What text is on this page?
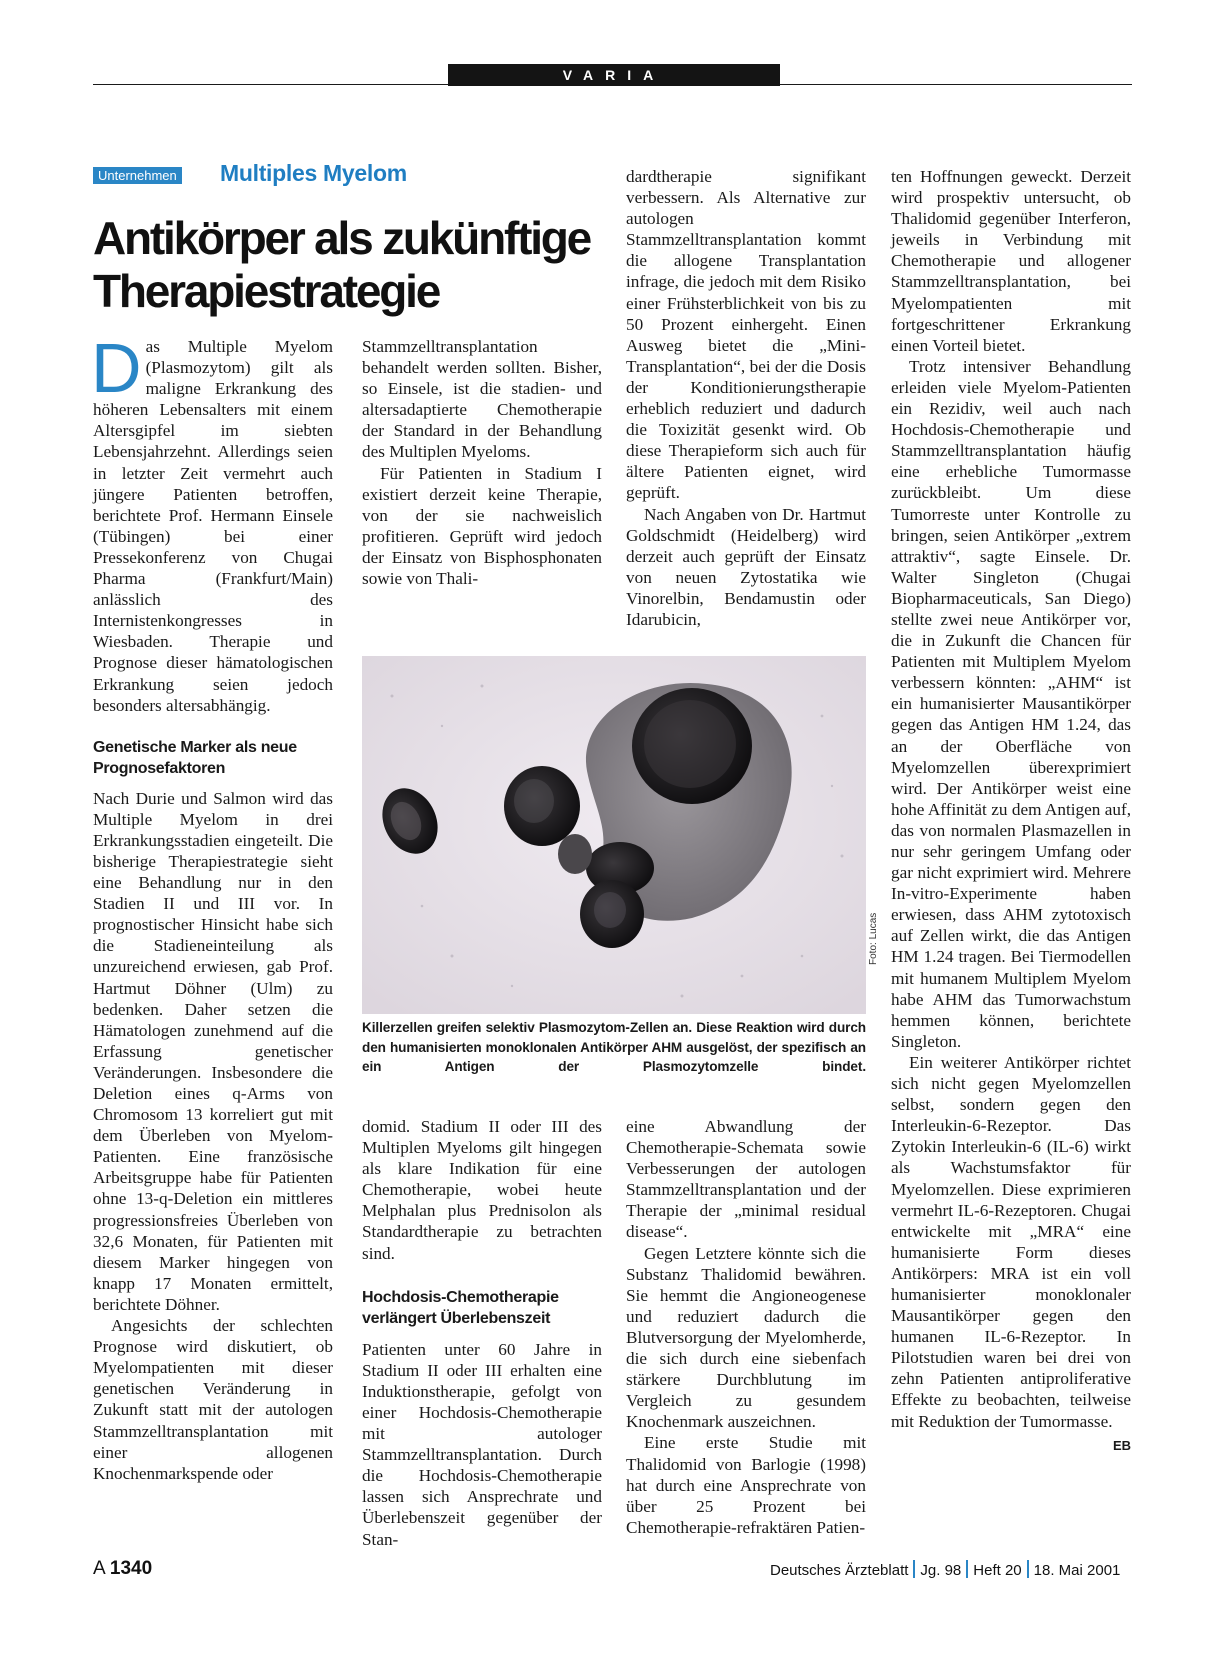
VARIA
Unternehmen Multiples Myelom
Antikörper als zukünftige
Therapiestrategie

Das Multiple Myelom (Plasmozytom) gilt als maligne Erkrankung des höheren Lebensalters mit einem Altersgipfel im siebten Lebensjahrzehnt. Allerdings seien in letzter Zeit vermehrt auch jüngere Patienten betroffen, berichtete Prof. Hermann Einsele (Tübingen) bei einer Pressekonferenz von Chugai Pharma (Frankfurt/Main) anlässlich des Internistenkongresses in Wiesbaden. Therapie und Prognose dieser hämatologischen Erkrankung seien jedoch besonders altersabhängig.

Genetische Marker als neue Prognosefaktoren

Nach Durie und Salmon wird das Multiple Myelom in drei Erkrankungsstadien eingeteilt. Die bisherige Therapiestrategie sieht eine Behandlung nur in den Stadien II und III vor. In prognostischer Hinsicht habe sich die Stadieneinteilung als unzureichend erwiesen, gab Prof. Hartmut Döhner (Ulm) zu bedenken. Daher setzen die Hämatologen zunehmend auf die Erfassung genetischer Veränderungen. Insbesondere die Deletion eines q-Arms von Chromosom 13 korreliert gut mit dem Überleben von Myelom-Patienten. Eine französische Arbeitsgruppe habe für Patienten ohne 13-q-Deletion ein mittleres progressionsfreies Überleben von 32,6 Monaten, für Patienten mit diesem Marker hingegen von knapp 17 Monaten ermittelt, berichtete Döhner.

Angesichts der schlechten Prognose wird diskutiert, ob Myelompatienten mit dieser genetischen Veränderung in Zukunft statt mit der autologen Stammzelltransplantation mit einer allogenen Knochenmarkspende oder

Stammzelltransplantation behandelt werden sollten. Bisher, so Einsele, ist die stadien- und altersadaptierte Chemotherapie der Standard in der Behandlung des Multiplen Myeloms.

Für Patienten in Stadium I existiert derzeit keine Therapie, von der sie nachweislich profitieren. Geprüft wird jedoch der Einsatz von Bisphosphonaten sowie von Thali-

dardtherapie signifikant verbessern. Als Alternative zur autologen Stammzelltransplantation kommt die allogene Transplantation infrage, die jedoch mit dem Risiko einer Frühsterblichkeit von bis zu 50 Prozent einhergeht. Einen Ausweg bietet die „Mini-Transplantation“, bei der die Dosis der Konditionierungstherapie erheblich reduziert und dadurch die Toxizität gesenkt wird. Ob diese Therapieform sich auch für ältere Patienten eignet, wird geprüft.

Nach Angaben von Dr. Hartmut Goldschmidt (Heidelberg) wird derzeit auch geprüft der Einsatz von neuen Zytostatika wie Vinorelbin, Bendamustin oder Idarubicin,

Foto: Lucas
Killerzellen greifen selektiv Plasmozytom-Zellen an. Diese Reaktion wird durch den humanisierten monoklonalen Antikörper AHM ausgelöst, der spezifisch an ein Antigen der Plasmozytomzelle bindet.

domid. Stadium II oder III des Multiplen Myeloms gilt hingegen als klare Indikation für eine Chemotherapie, wobei heute Melphalan plus Prednisolon als Standardtherapie zu betrachten sind.

Hochdosis-Chemotherapie verlängert Überlebenszeit

Patienten unter 60 Jahre in Stadium II oder III erhalten eine Induktionstherapie, gefolgt von einer Hochdosis-Chemotherapie mit autologer Stammzelltransplantation. Durch die Hochdosis-Chemotherapie lassen sich Ansprechrate und Überlebenszeit gegenüber der Stan-

eine Abwandlung der Chemotherapie-Schemata sowie Verbesserungen der autologen Stammzelltransplantation und der Therapie der „minimal residual disease“.

Gegen Letztere könnte sich die Substanz Thalidomid bewähren. Sie hemmt die Angioneogenese und reduziert dadurch die Blutversorgung der Myelomherde, die sich durch eine siebenfach stärkere Durchblutung im Vergleich zu gesundem Knochenmark auszeichnen.

Eine erste Studie mit Thalidomid von Barlogie (1998) hat durch eine Ansprechrate von über 25 Prozent bei Chemotherapie-refraktären Patien-

ten Hoffnungen geweckt. Derzeit wird prospektiv untersucht, ob Thalidomid gegenüber Interferon, jeweils in Verbindung mit Chemotherapie und allogener Stammzelltransplantation, bei Myelompatienten mit fortgeschrittener Erkrankung einen Vorteil bietet.

Trotz intensiver Behandlung erleiden viele Myelom-Patienten ein Rezidiv, weil auch nach Hochdosis-Chemotherapie und Stammzelltransplantation häufig eine erhebliche Tumormasse zurückbleibt. Um diese Tumorreste unter Kontrolle zu bringen, seien Antikörper „extrem attraktiv“, sagte Einsele. Dr. Walter Singleton (Chugai Biopharmaceuticals, San Diego) stellte zwei neue Antikörper vor, die in Zukunft die Chancen für Patienten mit Multiplem Myelom verbessern könnten: „AHM“ ist ein humanisierter Mausantikörper gegen das Antigen HM 1.24, das an der Oberfläche von Myelomzellen überexprimiert wird. Der Antikörper weist eine hohe Affinität zu dem Antigen auf, das von normalen Plasmazellen in nur sehr geringem Umfang oder gar nicht exprimiert wird. Mehrere In-vitro-Experimente haben erwiesen, dass AHM zytotoxisch auf Zellen wirkt, die das Antigen HM 1.24 tragen. Bei Tiermodellen mit humanem Multiplem Myelom habe AHM das Tumorwachstum hemmen können, berichtete Singleton.

Ein weiterer Antikörper richtet sich nicht gegen Myelomzellen selbst, sondern gegen den Interleukin-6-Rezeptor. Das Zytokin Interleukin-6 (IL-6) wirkt als Wachstumsfaktor für Myelomzellen. Diese exprimieren vermehrt IL-6-Rezeptoren. Chugai entwickelte mit „MRA“ eine humanisierte Form dieses Antikörpers: MRA ist ein voll humanisierter monoklonaler Mausantikörper gegen den humanen IL-6-Rezeptor. In Pilotstudien waren bei drei von zehn Patienten antiproliferative Effekte zu beobachten, teilweise mit Reduktion der Tumormasse.
EB

A 1340	Deutsches Ärzteblatt Jg. 98 Heft 20 18. Mai 2001
